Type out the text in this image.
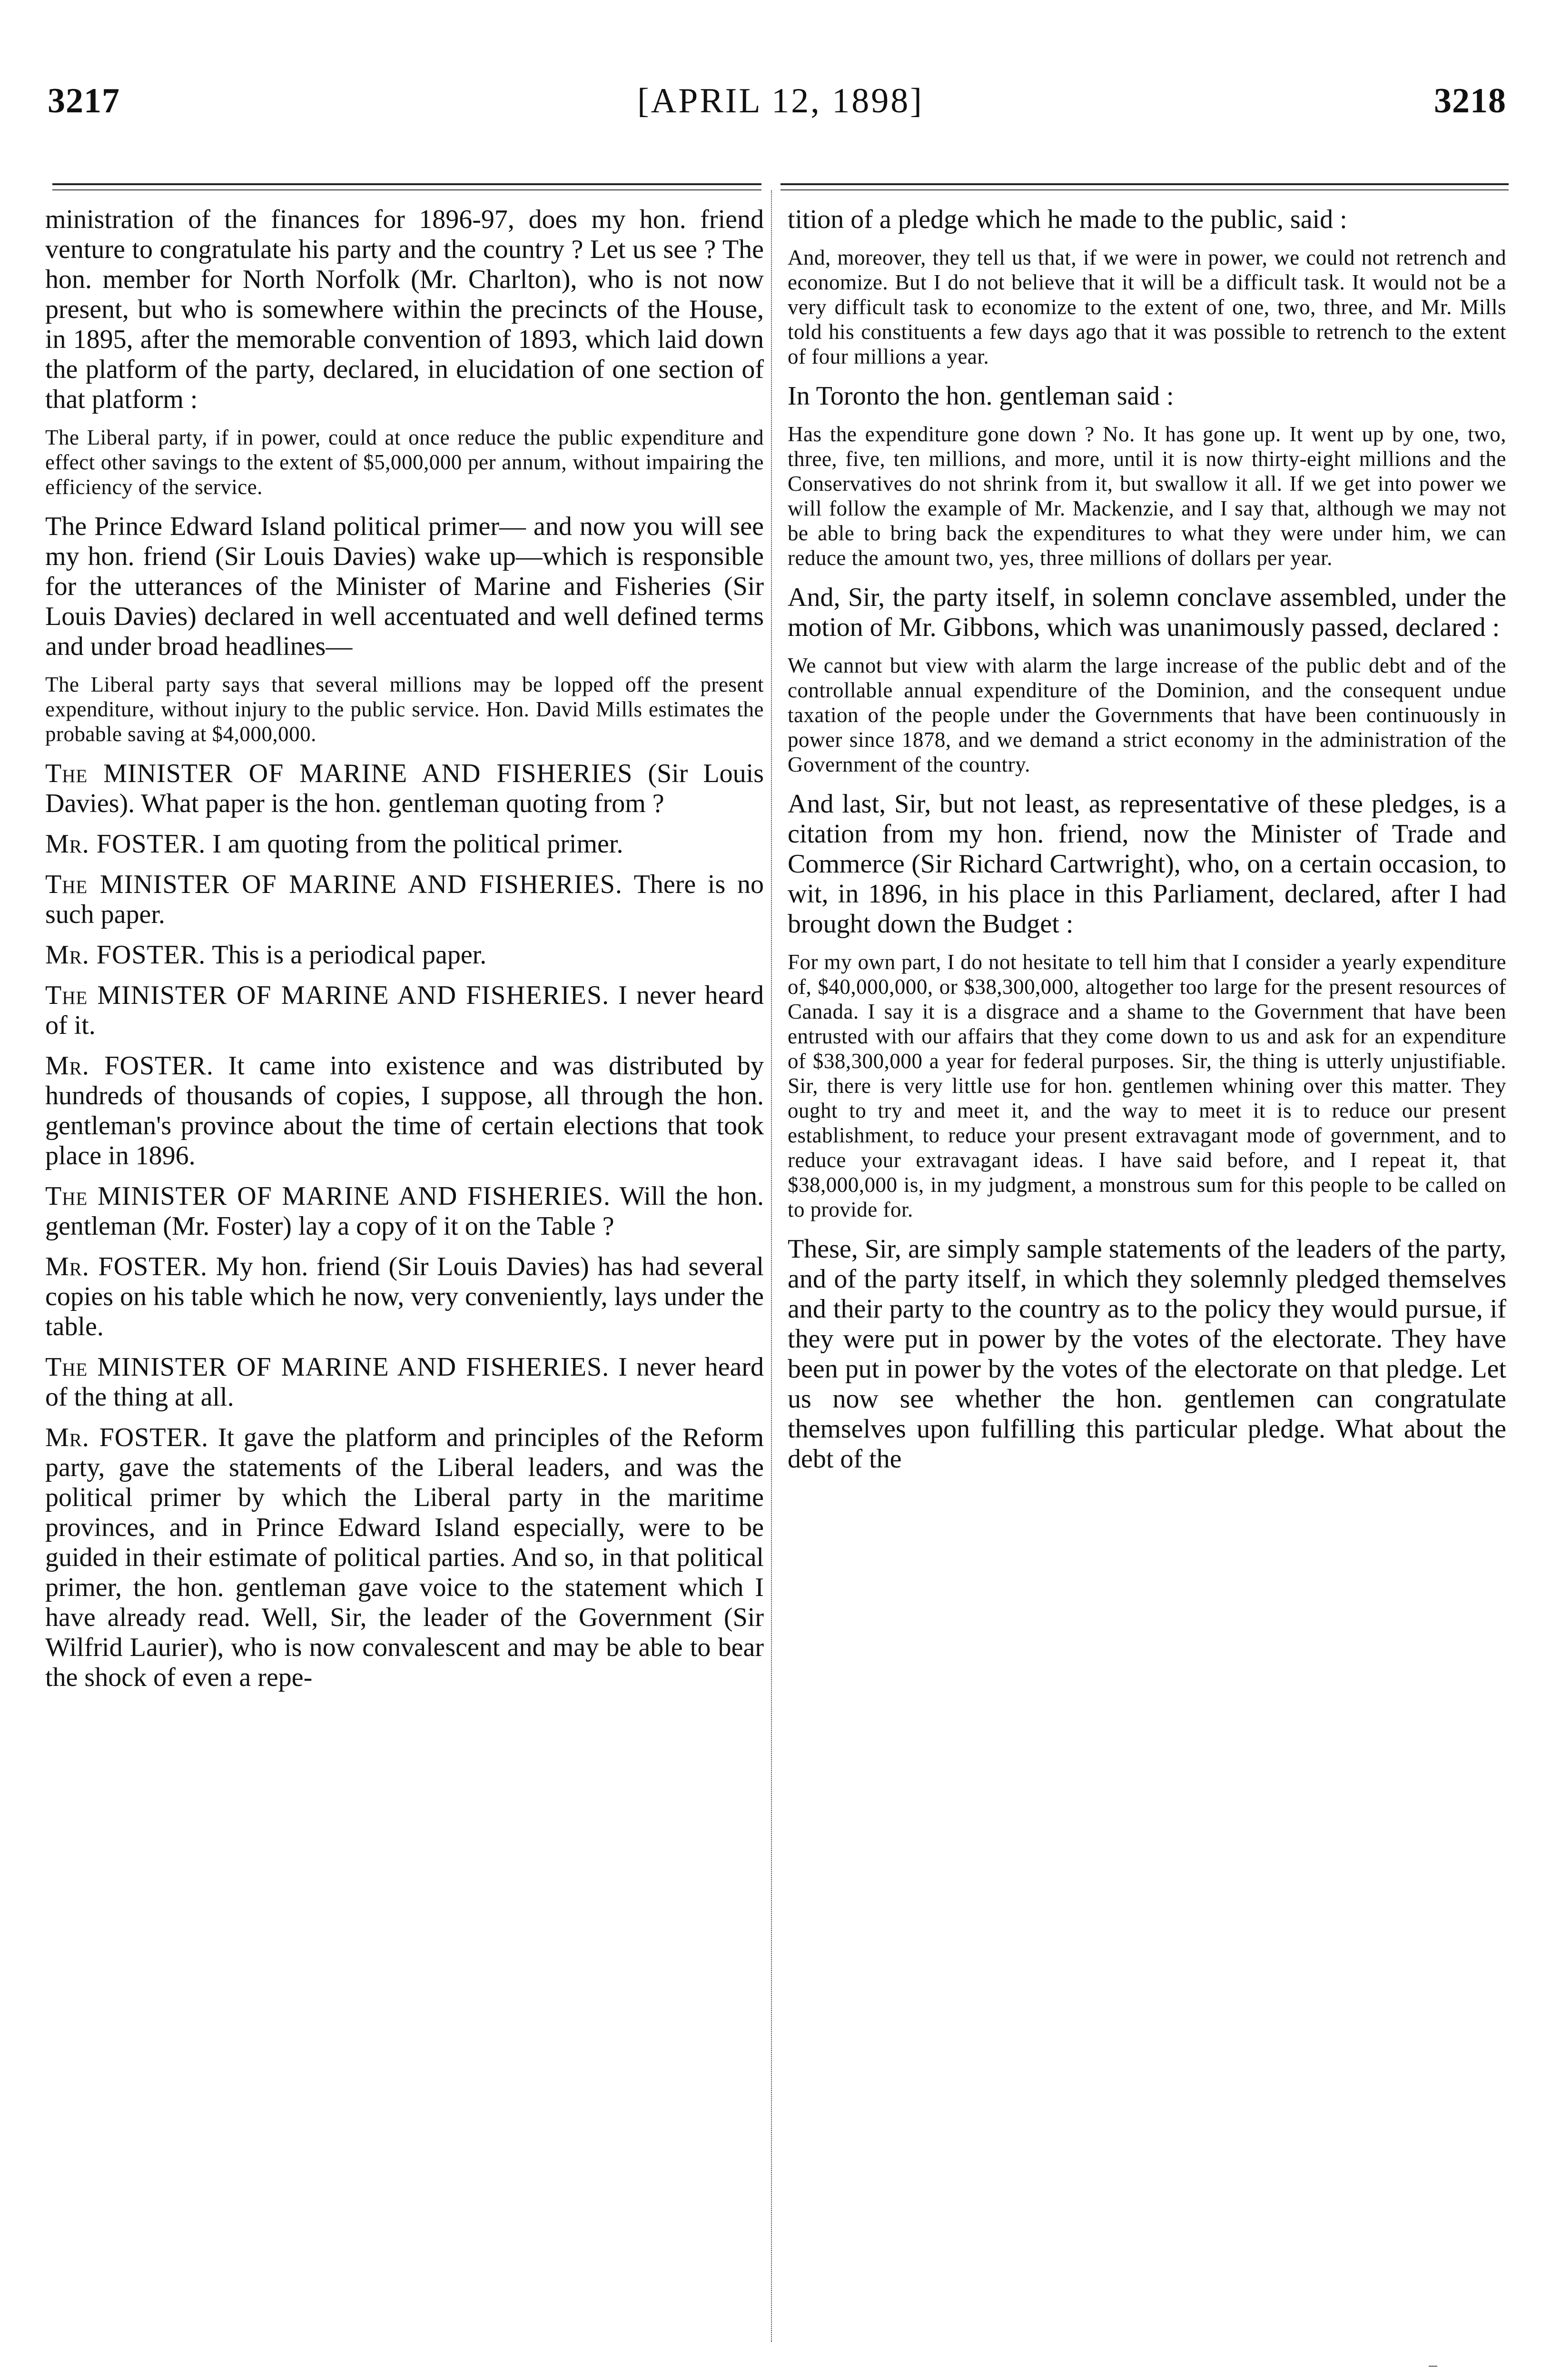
3217	[APRIL 12, 1898]	3218

ministration of the finances for 1896-97, does my hon. friend venture to congratulate his party and the country ? Let us see ? The hon. member for North Norfolk (Mr. Charlton), who is not now present, but who is somewhere within the precincts of the House, in 1895, after the memorable convention of 1893, which laid down the platform of the party, declared, in elucidation of one section of that platform :

The Liberal party, if in power, could at once reduce the public expenditure and effect other savings to the extent of $5,000,000 per annum, without impairing the efficiency of the service.

The Prince Edward Island political primer— and now you will see my hon. friend (Sir Louis Davies) wake up—which is responsible for the utterances of the Minister of Marine and Fisheries (Sir Louis Davies) declared in well accentuated and well defined terms and under broad headlines—

The Liberal party says that several millions may be lopped off the present expenditure, without injury to the public service. Hon. David Mills estimates the probable saving at $4,000,000.

The MINISTER OF MARINE AND FISHERIES (Sir Louis Davies). What paper is the hon. gentleman quoting from ?

Mr. FOSTER. I am quoting from the political primer.

The MINISTER OF MARINE AND FISHERIES. There is no such paper.

Mr. FOSTER. This is a periodical paper.

The MINISTER OF MARINE AND FISHERIES. I never heard of it.

Mr. FOSTER. It came into existence and was distributed by hundreds of thousands of copies, I suppose, all through the hon. gentleman's province about the time of certain elections that took place in 1896.

The MINISTER OF MARINE AND FISHERIES. Will the hon. gentleman (Mr. Foster) lay a copy of it on the Table ?

Mr. FOSTER. My hon. friend (Sir Louis Davies) has had several copies on his table which he now, very conveniently, lays under the table.

The MINISTER OF MARINE AND FISHERIES. I never heard of the thing at all.

Mr. FOSTER. It gave the platform and principles of the Reform party, gave the statements of the Liberal leaders, and was the political primer by which the Liberal party in the maritime provinces, and in Prince Edward Island especially, were to be guided in their estimate of political parties. And so, in that political primer, the hon. gentleman gave voice to the statement which I have already read. Well, Sir, the leader of the Government (Sir Wilfrid Laurier), who is now convalescent and may be able to bear the shock of even a repe-

tition of a pledge which he made to the public, said :

And, moreover, they tell us that, if we were in power, we could not retrench and economize. But I do not believe that it will be a difficult task. It would not be a very difficult task to economize to the extent of one, two, three, and Mr. Mills told his constituents a few days ago that it was possible to retrench to the extent of four millions a year.

In Toronto the hon. gentleman said :

Has the expenditure gone down ? No. It has gone up. It went up by one, two, three, five, ten millions, and more, until it is now thirty-eight millions and the Conservatives do not shrink from it, but swallow it all. If we get into power we will follow the example of Mr. Mackenzie, and I say that, although we may not be able to bring back the expenditures to what they were under him, we can reduce the amount two, yes, three millions of dollars per year.

And, Sir, the party itself, in solemn conclave assembled, under the motion of Mr. Gibbons, which was unanimously passed, declared :

We cannot but view with alarm the large increase of the public debt and of the controllable annual expenditure of the Dominion, and the consequent undue taxation of the people under the Governments that have been continuously in power since 1878, and we demand a strict economy in the administration of the Government of the country.

And last, Sir, but not least, as representative of these pledges, is a citation from my hon. friend, now the Minister of Trade and Commerce (Sir Richard Cartwright), who, on a certain occasion, to wit, in 1896, in his place in this Parliament, declared, after I had brought down the Budget :

For my own part, I do not hesitate to tell him that I consider a yearly expenditure of, $40,000,000, or $38,300,000, altogether too large for the present resources of Canada. I say it is a disgrace and a shame to the Government that have been entrusted with our affairs that they come down to us and ask for an expenditure of $38,300,000 a year for federal purposes. Sir, the thing is utterly unjustifiable. Sir, there is very little use for hon. gentlemen whining over this matter. They ought to try and meet it, and the way to meet it is to reduce our present establishment, to reduce your present extravagant mode of government, and to reduce your extravagant ideas. I have said before, and I repeat it, that $38,000,000 is, in my judgment, a monstrous sum for this people to be called on to provide for.

These, Sir, are simply sample statements of the leaders of the party, and of the party itself, in which they solemnly pledged themselves and their party to the country as to the policy they would pursue, if they were put in power by the votes of the electorate. They have been put in power by the votes of the electorate on that pledge. Let us now see whether the hon. gentlemen can congratulate themselves upon fulfilling this particular pledge. What about the debt of the
